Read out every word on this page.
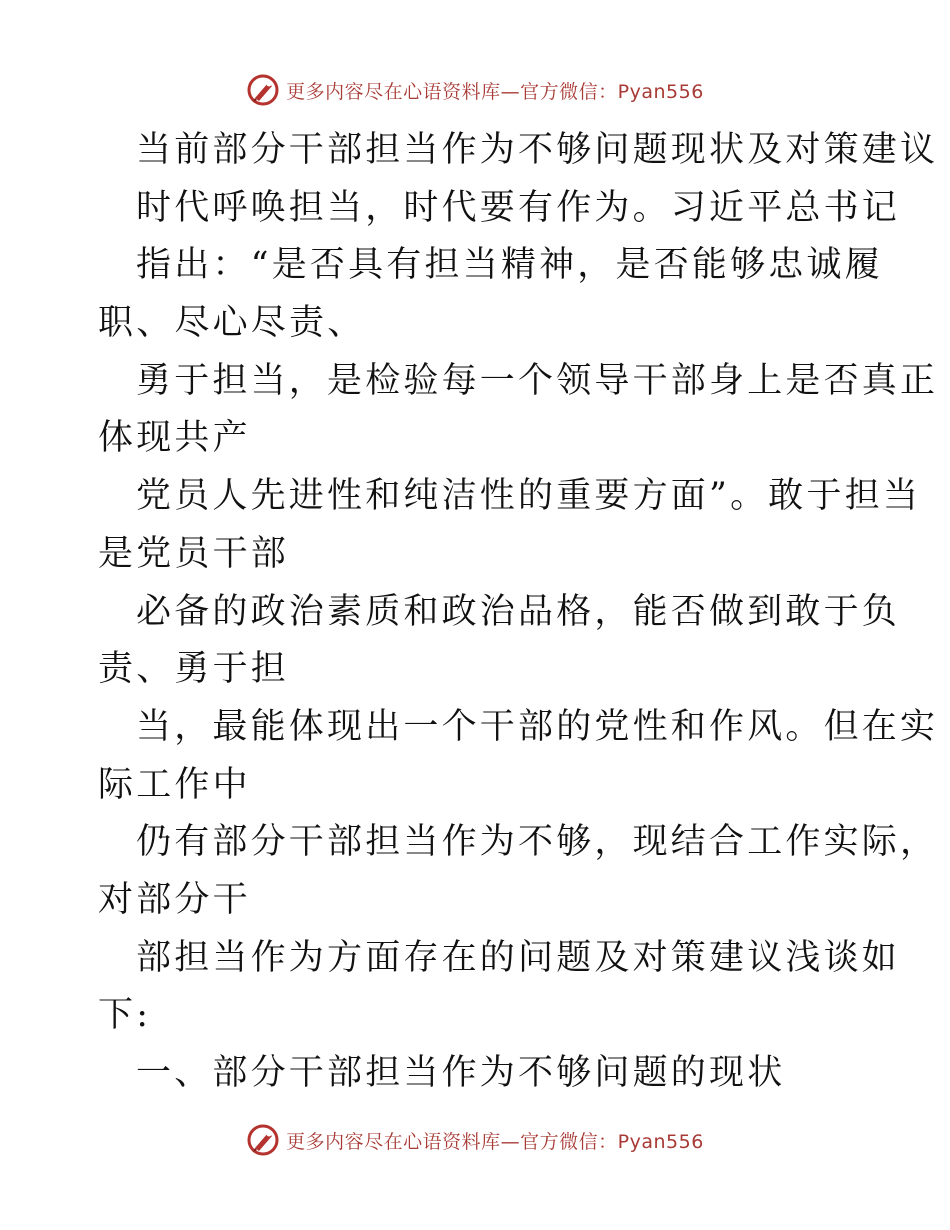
更多内容尽在心语资料库—官方微信：Pyan556
当前部分干部担当作为不够问题现状及对策建议
时代呼唤担当，时代要有作为。习近平总书记
指出：“是否具有担当精神，是否能够忠诚履
职、尽心尽责、
勇于担当，是检验每一个领导干部身上是否真正
体现共产
党员人先进性和纯洁性的重要方面”。敢于担当
是党员干部
必备的政治素质和政治品格，能否做到敢于负
责、勇于担
当，最能体现出一个干部的党性和作风。但在实
际工作中
仍有部分干部担当作为不够，现结合工作实际，
对部分干
部担当作为方面存在的问题及对策建议浅谈如
下:
一、部分干部担当作为不够问题的现状
更多内容尽在心语资料库—官方微信：Pyan556
